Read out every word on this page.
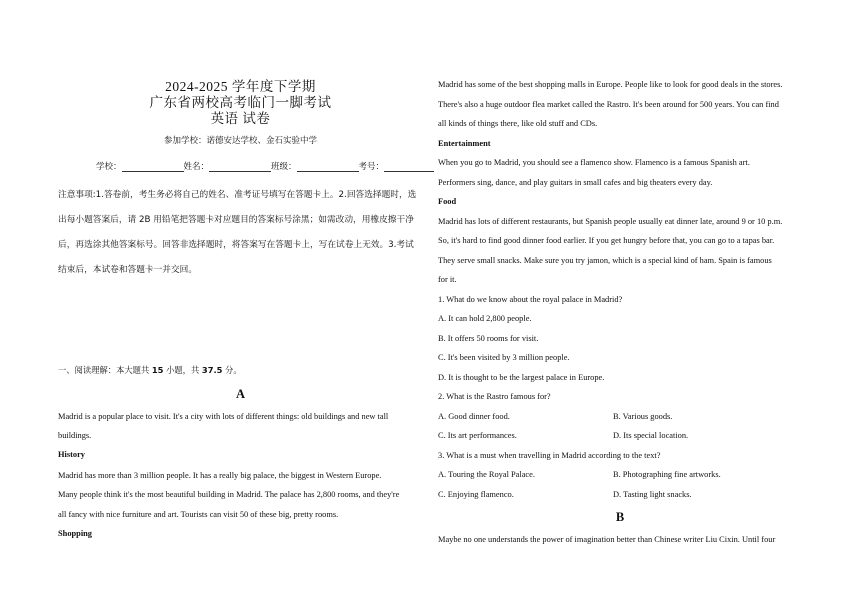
2024-2025 学年度下学期
广东省两校高考临门一脚考试
英语 试卷
参加学校：诺德安达学校、金石实验中学
学校：	姓名：	班级：	考号：
注意事项:1.答卷前，考生务必将自己的姓名、准考证号填写在答题卡上。2.回答选择题时，选
出每小题答案后，请 2B 用铅笔把答题卡对应题目的答案标号涂黑；如需改动，用橡皮擦干净
后，再选涂其他答案标号。回答非选择题时，将答案写在答题卡上，写在试卷上无效。3.考试
结束后，本试卷和答题卡一并交回。
一、阅读理解：本大题共 15 小题，共 37.5 分。
A
Madrid is a popular place to visit. It's a city with lots of different things: old buildings and new tall
buildings.
History
Madrid has more than 3 million people. It has a really big palace, the biggest in Western Europe.
Many people think it's the most beautiful building in Madrid. The palace has 2,800 rooms, and they're
all fancy with nice furniture and art. Tourists can visit 50 of these big, pretty rooms.
Shopping
Madrid has some of the best shopping malls in Europe. People like to look for good deals in the stores.
There's also a huge outdoor flea market called the Rastro. It's been around for 500 years. You can find
all kinds of things there, like old stuff and CDs.
Entertainment
When you go to Madrid, you should see a flamenco show. Flamenco is a famous Spanish art.
Performers sing, dance, and play guitars in small cafes and big theaters every day.
Food
Madrid has lots of different restaurants, but Spanish people usually eat dinner late, around 9 or 10 p.m.
So, it's hard to find good dinner food earlier. If you get hungry before that, you can go to a tapas bar.
They serve small snacks. Make sure you try jamon, which is a special kind of ham. Spain is famous
for it.
1. What do we know about the royal palace in Madrid?
A. It can hold 2,800 people.
B. It offers 50 rooms for visit.
C. It's been visited by 3 million people.
D. It is thought to be the largest palace in Europe.
2. What is the Rastro famous for?
A. Good dinner food.	B. Various goods.
C. Its art performances.	D. Its special location.
3. What is a must when travelling in Madrid according to the text?
A. Touring the Royal Palace.	B. Photographing fine artworks.
C. Enjoying flamenco.	D. Tasting light snacks.
B
Maybe no one understands the power of imagination better than Chinese writer Liu Cixin. Until four
